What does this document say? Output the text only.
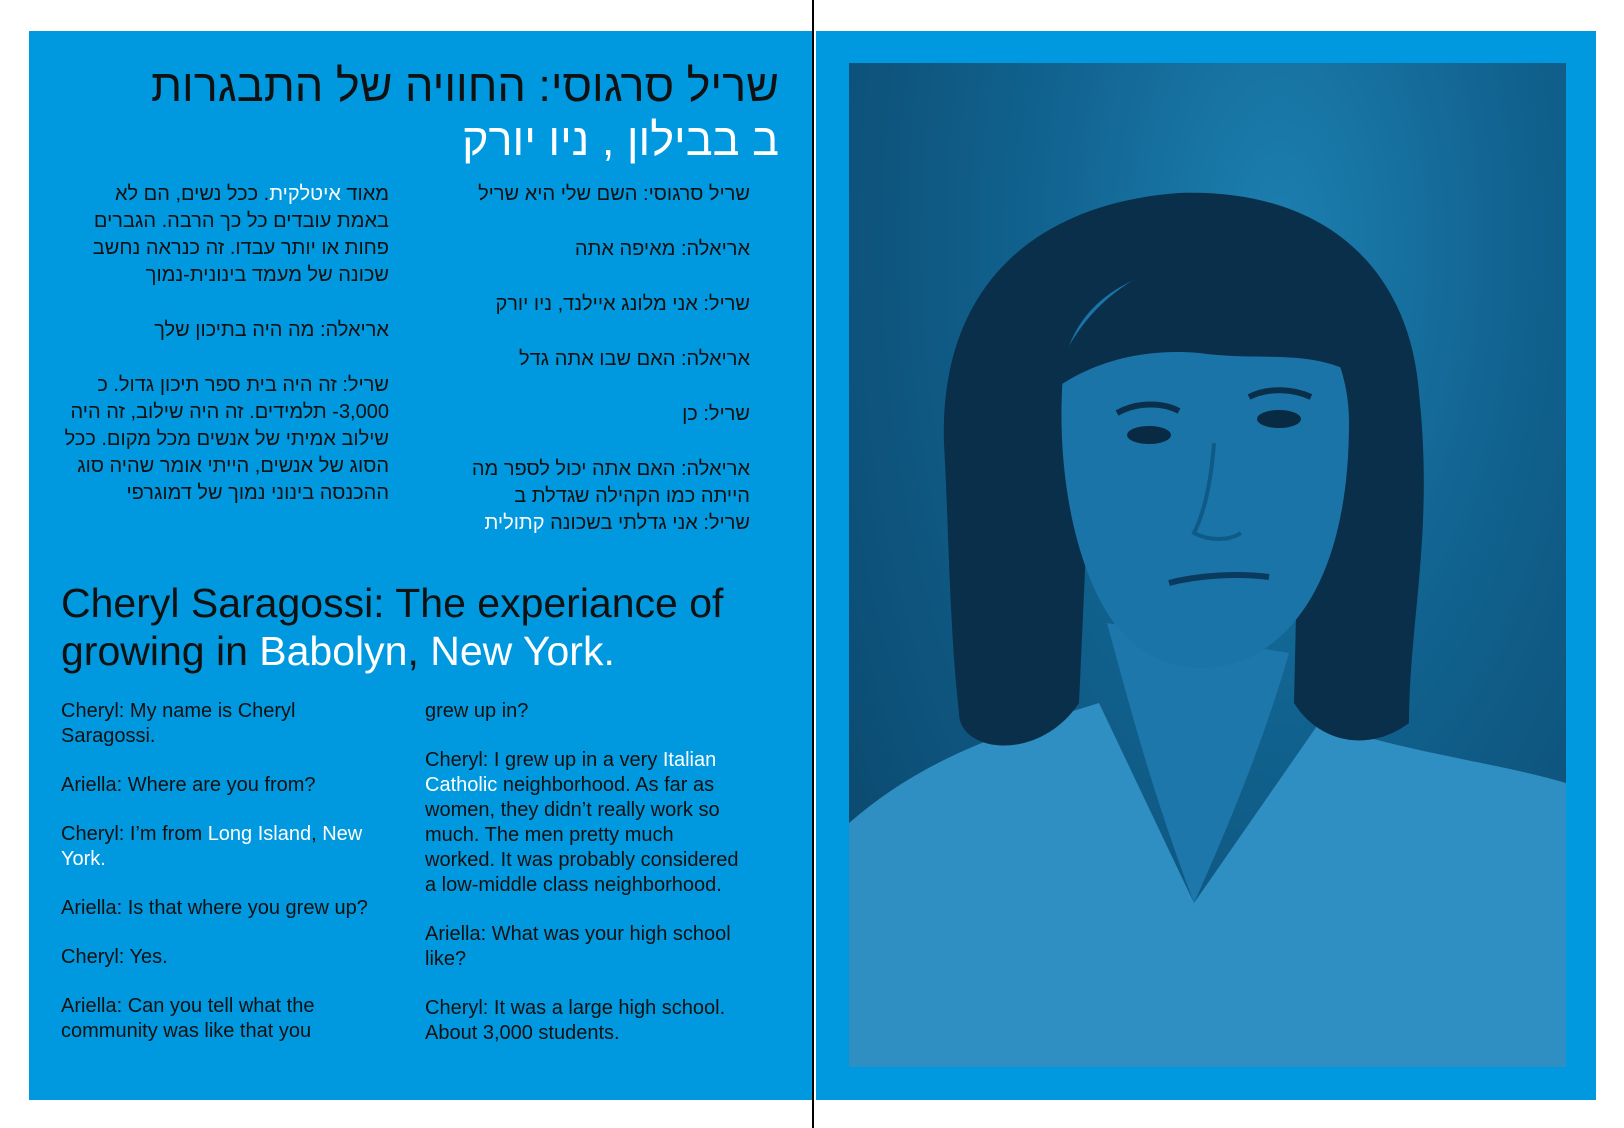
שריל סרגוסי: החוויה של התבגרות
ב בבילון , ניו יורק

שריל סרגוסי: השם שלי היא שריל

אריאלה: מאיפה אתה

שריל: אני מלונג איילנד, ניו יורק

אריאלה: האם שבו אתה גדל

שריל: כן

אריאלה: האם אתה יכול לספר מה הייתה כמו הקהילה שגדלת ב

שריל: אני גדלתי בשכונה קתולית

מאוד איטלקית. ככל נשים, הם לא באמת עובדים כל כך הרבה. הגברים פחות או יותר עבדו. זה כנראה נחשב שכונה של מעמד בינונית-נמוך

אריאלה: מה היה בתיכון שלך

שריל: זה היה בית ספר תיכון גדול. כ 3,000- תלמידים. זה היה שילוב, זה היה שילוב אמיתי של אנשים מכל מקום. ככל הסוג של אנשים, הייתי אומר שהיה סוג ההכנסה בינוני נמוך של דמוגרפי

Cheryl Saragossi: The experiance of growing in Babolyn, New York.

Cheryl: My name is Cheryl Saragossi.

Ariella: Where are you from?

Cheryl: I’m from Long Island, New York.

Ariella: Is that where you grew up?

Cheryl: Yes.

Ariella: Can you tell what the community was like that you

grew up in?

Cheryl: I grew up in a very Italian Catholic neighborhood. As far as women, they didn’t really work so much. The men pretty much worked. It was probably considered a low-middle class neighborhood.

Ariella: What was your high school like?

Cheryl: It was a large high school. About 3,000 students.
